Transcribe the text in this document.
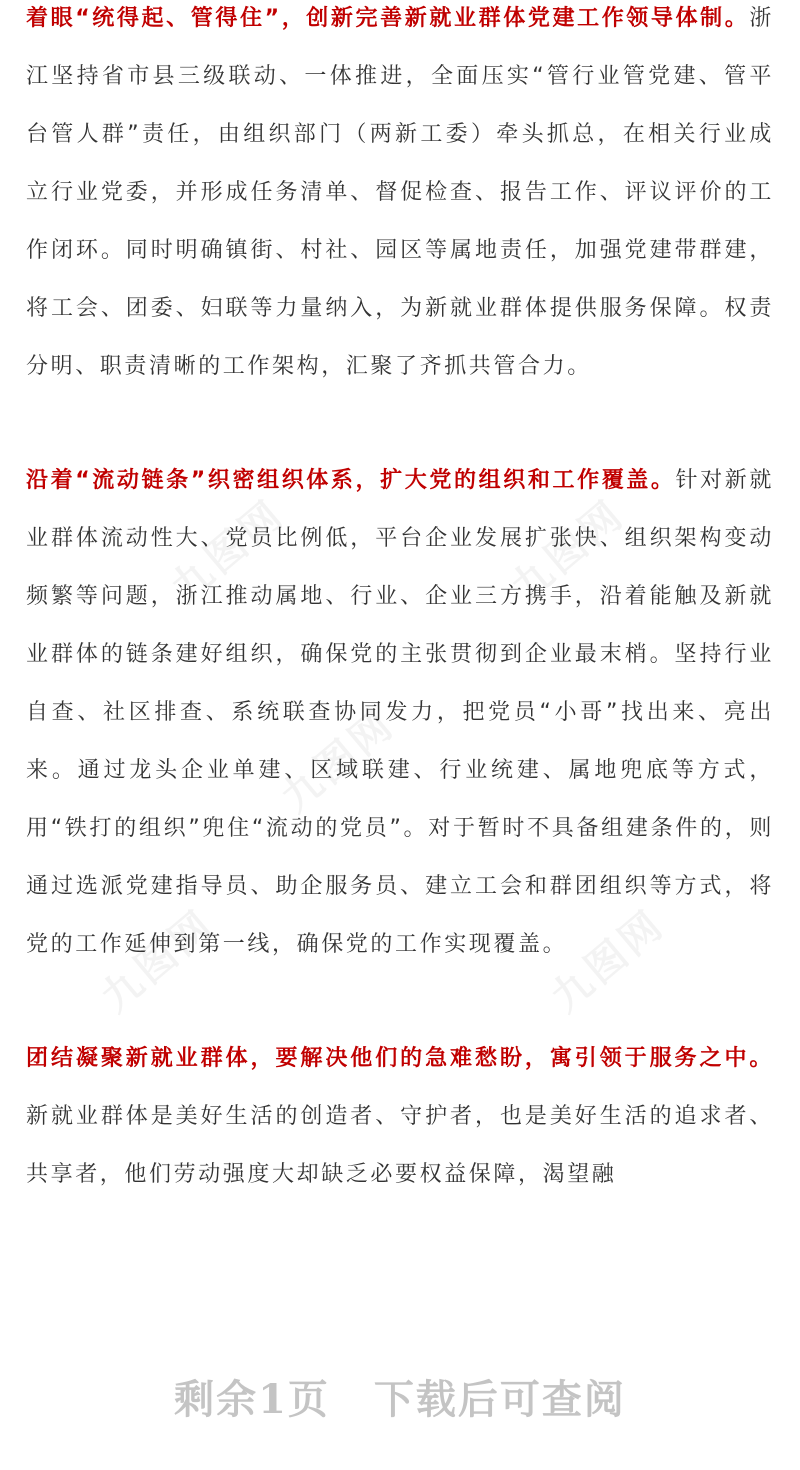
九图网	九图网
九图网
九图网	九图网

着眼“统得起、管得住”，创新完善新就业群体党建工作领导体制。浙江坚持省市县三级联动、一体推进，全面压实“管行业管党建、管平台管人群”责任，由组织部门（两新工委）牵头抓总，在相关行业成立行业党委，并形成任务清单、督促检查、报告工作、评议评价的工作闭环。同时明确镇街、村社、园区等属地责任，加强党建带群建，将工会、团委、妇联等力量纳入，为新就业群体提供服务保障。权责分明、职责清晰的工作架构，汇聚了齐抓共管合力。

沿着“流动链条”织密组织体系，扩大党的组织和工作覆盖。针对新就业群体流动性大、党员比例低，平台企业发展扩张快、组织架构变动频繁等问题，浙江推动属地、行业、企业三方携手，沿着能触及新就业群体的链条建好组织，确保党的主张贯彻到企业最末梢。坚持行业自查、社区排查、系统联查协同发力，把党员“小哥”找出来、亮出来。通过龙头企业单建、区域联建、行业统建、属地兜底等方式，用“铁打的组织”兜住“流动的党员”。对于暂时不具备组建条件的，则通过选派党建指导员、助企服务员、建立工会和群团组织等方式，将党的工作延伸到第一线，确保党的工作实现覆盖。

团结凝聚新就业群体，要解决他们的急难愁盼，寓引领于服务之中。新就业群体是美好生活的创造者、守护者，也是美好生活的追求者、共享者，他们劳动强度大却缺乏必要权益保障，渴望融

剩余1页 下载后可查阅
